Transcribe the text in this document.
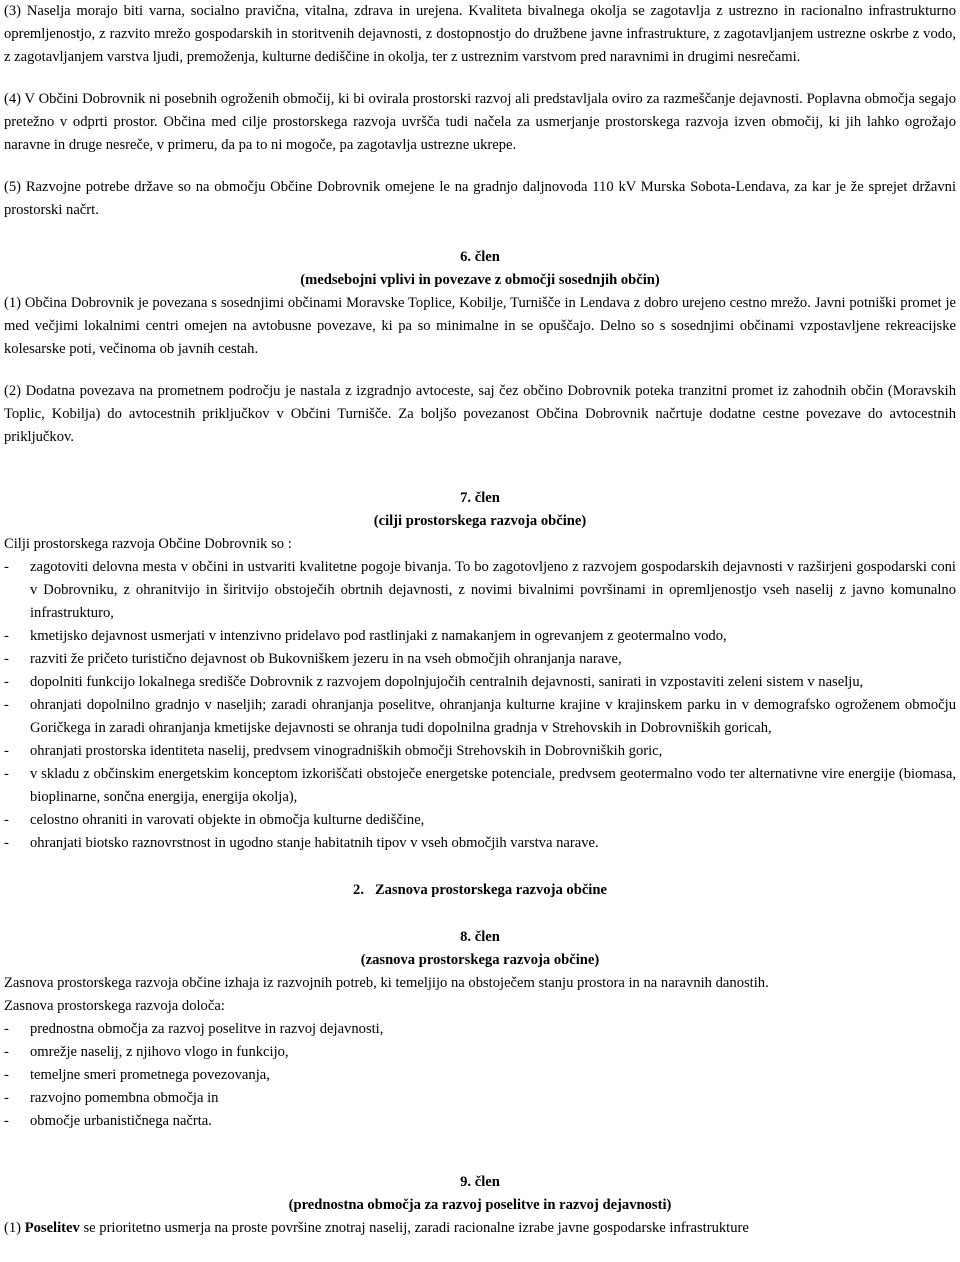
(3) Naselja morajo biti varna, socialno pravična, vitalna, zdrava in urejena. Kvaliteta bivalnega okolja se zagotavlja z ustrezno in racionalno infrastrukturno opremljenostjo, z razvito mrežo gospodarskih in storitvenih dejavnosti, z dostopnostjo do družbene javne infrastrukture, z zagotavljanjem ustrezne oskrbe z vodo, z zagotavljanjem varstva ljudi, premoženja, kulturne dediščine in okolja, ter z ustreznim varstvom pred naravnimi in drugimi nesrečami.

(4) V Občini Dobrovnik ni posebnih ogroženih območij, ki bi ovirala prostorski razvoj ali predstavljala oviro za razmeščanje dejavnosti. Poplavna območja segajo pretežno v odprti prostor. Občina med cilje prostorskega razvoja uvršča tudi načela za usmerjanje prostorskega razvoja izven območij, ki jih lahko ogrožajo naravne in druge nesreče, v primeru, da pa to ni mogoče, pa zagotavlja ustrezne ukrepe.

(5) Razvojne potrebe države so na območju Občine Dobrovnik omejene le na gradnjo daljnovoda 110 kV Murska Sobota-Lendava, za kar je že sprejet državni prostorski načrt.

6. člen
(medsebojni vplivi in povezave z območji sosednjih občin)

(1) Občina Dobrovnik je povezana s sosednjimi občinami Moravske Toplice, Kobilje, Turnišče in Lendava z dobro urejeno cestno mrežo. Javni potniški promet je med večjimi lokalnimi centri omejen na avtobusne povezave, ki pa so minimalne in se opuščajo. Delno so s sosednjimi občinami vzpostavljene rekreacijske kolesarske poti, večinoma ob javnih cestah.

(2) Dodatna povezava na prometnem področju je nastala z izgradnjo avtoceste, saj čez občino Dobrovnik poteka tranzitni promet iz zahodnih občin (Moravskih Toplic, Kobilja) do avtocestnih priključkov v Občini Turnišče. Za boljšo povezanost Občina Dobrovnik načrtuje dodatne cestne povezave do avtocestnih priključkov.

7. člen
(cilji prostorskega razvoja občine)

Cilji prostorskega razvoja Občine Dobrovnik so :

- zagotoviti delovna mesta v občini in ustvariti kvalitetne pogoje bivanja. To bo zagotovljeno z razvojem gospodarskih dejavnosti v razširjeni gospodarski coni v Dobrovniku, z ohranitvijo in širitvijo obstoječih obrtnih dejavnosti, z novimi bivalnimi površinami in opremljenostjo vseh naselij z javno komunalno infrastrukturo,
- kmetijsko dejavnost usmerjati v intenzivno pridelavo pod rastlinjaki z namakanjem in ogrevanjem z geotermalno vodo,
- razviti že pričeto turistično dejavnost ob Bukovniškem jezeru in na vseh območjih ohranjanja narave,
- dopolniti funkcijo lokalnega središče Dobrovnik z razvojem dopolnjujočih centralnih dejavnosti, sanirati in vzpostaviti zeleni sistem v naselju,
- ohranjati dopolnilno gradnjo v naseljih; zaradi ohranjanja poselitve, ohranjanja kulturne krajine v krajinskem parku in v demografsko ogroženem območju Goričkega in zaradi ohranjanja kmetijske dejavnosti se ohranja tudi dopolnilna gradnja v Strehovskih in Dobrovniških goricah,
- ohranjati prostorska identiteta naselij, predvsem vinogradniških območji Strehovskih in Dobrovniških goric,
- v skladu z občinskim energetskim konceptom izkoriščati obstoječe energetske potenciale, predvsem geotermalno vodo ter alternativne vire energije (biomasa, bioplinarne, sončna energija, energija okolja),
- celostno ohraniti in varovati objekte in območja kulturne dediščine,
- ohranjati biotsko raznovrstnost in ugodno stanje habitatnih tipov v vseh območjih varstva narave.
2.   Zasnova prostorskega razvoja občine
8. člen
(zasnova prostorskega razvoja občine)

Zasnova prostorskega razvoja občine izhaja iz razvojnih potreb, ki temeljijo na obstoječem stanju prostora in na naravnih danostih.

Zasnova prostorskega razvoja določa:

- prednostna območja za razvoj poselitve in razvoj dejavnosti,
- omrežje naselij, z njihovo vlogo in funkcijo,
- temeljne smeri prometnega povezovanja,
- razvojno pomembna območja in
- območje urbanističnega načrta.
9. člen
(prednostna območja za razvoj poselitve in razvoj dejavnosti)

(1) Poselitev se prioritetno usmerja na proste površine znotraj naselij, zaradi racionalne izrabe javne gospodarske infrastrukture
